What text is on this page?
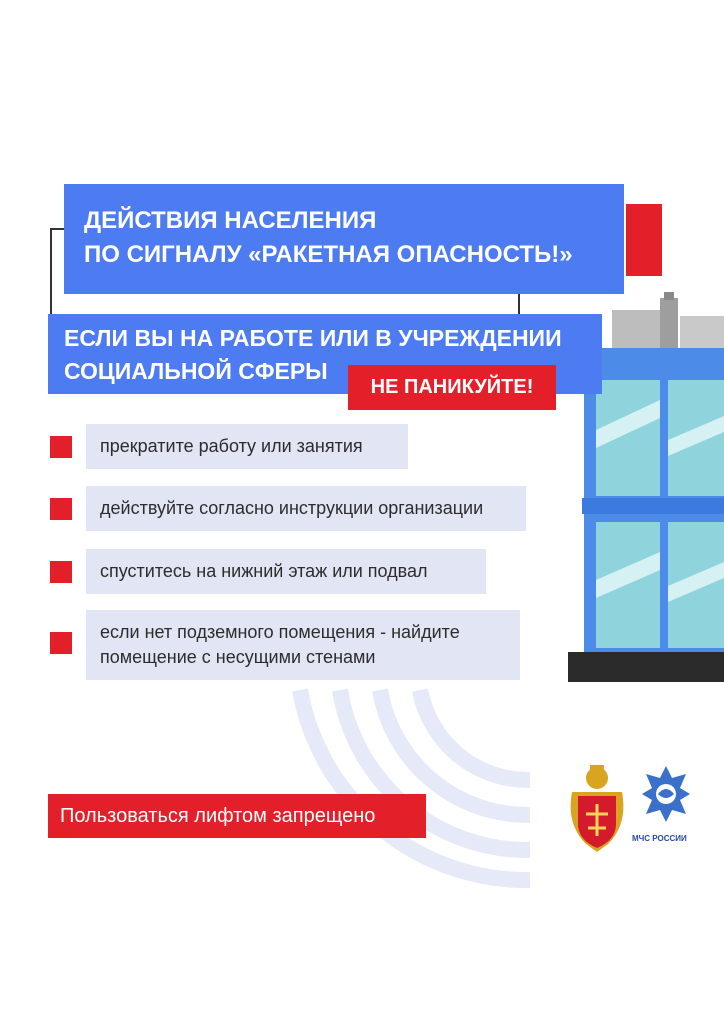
ДЕЙСТВИЯ НАСЕЛЕНИЯ
ПО СИГНАЛУ «РАКЕТНАЯ ОПАСНОСТЬ!»
ЕСЛИ ВЫ НА РАБОТЕ ИЛИ В УЧРЕЖДЕНИИ
СОЦИАЛЬНОЙ СФЕРЫ
НЕ ПАНИКУЙТЕ!
прекратите работу или занятия
действуйте согласно инструкции организации
спуститесь на нижний этаж или подвал
если нет подземного помещения - найдите помещение с несущими стенами
Пользоваться лифтом запрещено
МЧС РОССИИ
